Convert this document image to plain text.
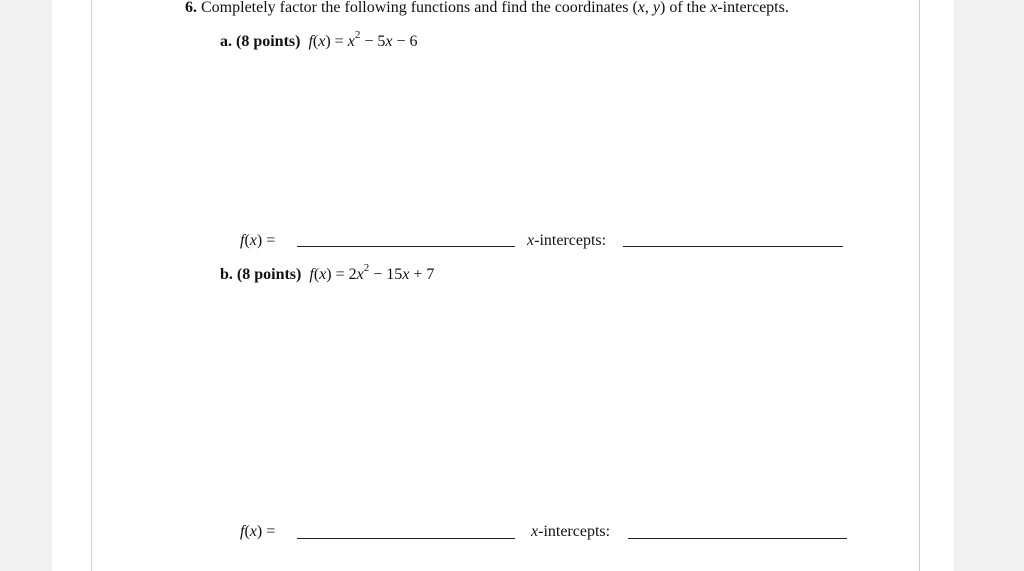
6. Completely factor the following functions and find the coordinates (x, y) of the x-intercepts.
a. (8 points) $f(x) = x^2 - 5x - 6$
f(x) =	x-intercepts:
b. (8 points) $f(x) = 2x^2 - 15x + 7$
f(x) =	x-intercepts:
